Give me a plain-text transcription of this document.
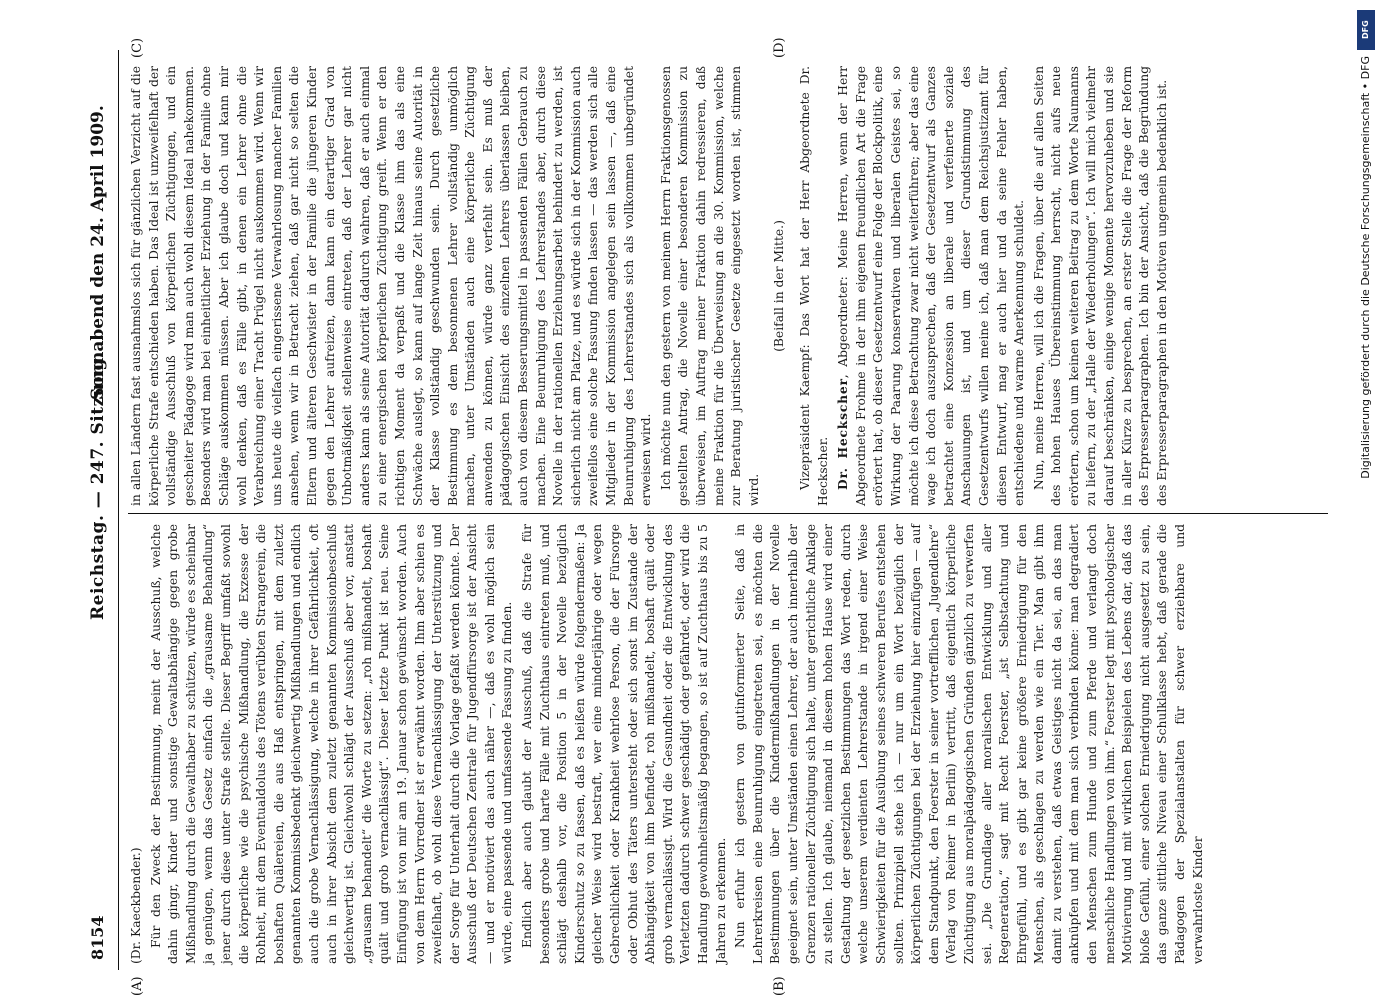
8154
Reichstag. — 247. Sitzung.
Sonnabend den 24. April 1909.
(A)	(B)
(C)	(D)

(Dr. Kaeckbender.) Für den Zweck der Bestimmung, meint der Ausschuß, welche dahin gingr, Kinder und sonstige Gewaltabhängige gegen grobe Mißhandlung durch die Gewalthaber zu schützen, würde es scheinbar ja genügen, wenn das Gesetz einfach die „grausame Behandlung“ jener durch diese unter Strafe stellte. Dieser Begriff umfaßt sowohl die körperliche wie die psychische Mißhandlung, die Exzesse der Rohheit, mit dem Eventualdolus des Tötens verübten Strangerein, die boshaften Quälereien, die aus Haß entspringen, mit dem zuletzt genannten Kommissbedenkt gleichwertig Mißhandlungen und endlich auch die grobe Vernachlässigung, welche in ihrer Gefährlichkeit, oft auch in ihrer Absicht dem zuletzt genannten Kommissionbeschluß gleichwertig ist. Gleichwohl schlägt der Ausschuß aber vor, anstatt „grausam behandelt“ die Worte zu setzen: „roh mißhandelt, boshaft quält und grob vernachlässigt“. Dieser letzte Punkt ist neu. Seine Einfügung ist von mir am 19. Januar schon gewünscht worden. Auch von dem Herrn Vorredner ist er erwähnt worden. Ihm aber schien es zweifelhaft, ob wohl diese Vernachlässigung der Unterstützung und der Sorge für Unterhalt durch die Vorlage gefaßt werden könnte. Der Ausschuß der Deutschen Zentrale für Jugendfürsorge ist der Ansicht — und er motiviert das auch näher —, daß es wohl möglich sein würde, eine passende und umfassende Fassung zu finden. Endlich aber auch glaubt der Ausschuß, daß die Strafe für besonders grobe und harte Fälle mit Zuchthaus eintreten muß, und schlägt deshalb vor, die Position 5 in der Novelle bezüglich Kinderschutz so zu fassen, daß es heißen würde folgendermaßen: Ja gleicher Weise wird bestraft, wer eine minderjährige oder wegen Gebrechlichkeit oder Krankheit wehrlose Person, die der Fürsorge oder Obhut des Täters untersteht oder sich sonst im Zustande der Abhängigkeit von ihm befindet, roh mißhandelt, boshaft quält oder grob vernachlässigt. Wird die Gesundheit oder die Entwicklung des Verletzten dadurch schwer geschädigt oder gefährdet, oder wird die Handlung gewohnheitsmäßig begangen, so ist auf Zuchthaus bis zu 5 Jahren zu erkennen. Nun erfuhr ich gestern von gutinformierter Seite, daß in Lehrerkreisen eine Beunruhigung eingetreten sei, es möchten die Bestimmungen über die Kindermißhandlungen in der Novelle geeignet sein, unter Umständen einen Lehrer, der auch innerhalb der Grenzen rationeller Züchtigung sich halte, unter gerichtliche Anklage zu stellen. Ich glaube, niemand in diesem hohen Hause wird einer Gestaltung der gesetzlichen Bestimmungen das Wort reden, durch welche unserem verdienten Lehrerstande in irgend einer Weise Schwierigkeiten für die Ausübung seines schweren Berufes entstehen sollten. Prinzipiell stehe ich — nur um ein Wort bezüglich der körperlichen Züchtigungen bei der Erziehung hier einzufügen — auf dem Standpunkt, den Foerster in seiner vortrefflichen „Jugendlehre“ (Verlag von Reimer in Berlin) vertritt, daß eigentlich körperliche Züchtigung aus moralpädagogischen Gründen gänzlich zu verwerfen sei. „Die Grundlage aller moralischen Entwicklung und aller Regeneration,“ sagt mit Recht Foerster, „ist Selbstachtung und Ehrgefühl, und es gibt gar keine größere Erniedrigung für den Menschen, als geschlagen zu werden wie ein Tier. Man gibt ihm damit zu verstehen, daß etwas Geistiges nicht da sei, an das man anknüpfen und mit dem man sich verbinden könne: man degradiert den Menschen zum Hunde und zum Pferde und verlangt doch menschliche Handlungen von ihm.“ Foerster legt mit psychologischer Motivierung und mit wirklichen Beispielen des Lebens dar, daß das bloße Gefühl, einer solchen Erniedrigung nicht ausgesetzt zu sein, das ganze sittliche Niveau einer Schulklasse hebt, daß gerade die Pädagogen der Spezialanstalten für schwer erziehbare und verwahrloste Kinder

in allen Ländern fast ausnahmslos sich für gänzlichen Verzicht auf die körperliche Strafe entschieden haben. Das Ideal ist unzweifelhaft der vollständige Ausschluß von körperlichen Züchtigungen, und ein gescheiter Pädagoge wird man auch wohl diesem Ideal nahekommen. Besonders wird man bei einheitlicher Erziehung in der Familie ohne Schläge auskommen müssen. Aber ich glaube doch und kann mir wohl denken, daß es Fälle gibt, in denen ein Lehrer ohne die Verabreichung einer Tracht Prügel nicht auskommen wird. Wenn wir uns heute die vielfach eingerissene Verwahrlosung mancher Familien ansehen, wenn wir in Betracht ziehen, daß gar nicht so selten die Eltern und älteren Geschwister in der Familie die jüngeren Kinder gegen den Lehrer aufreizen, dann kann ein derartiger Grad von Unbotmäßigkeit stellenweise eintreten, daß der Lehrer gar nicht anders kann als seine Autorität dadurch wahren, daß er auch einmal zu einer energischen körperlichen Züchtigung greift. Wenn er den richtigen Moment da verpaßt und die Klasse ihm das als eine Schwäche auslegt, so kann auf lange Zeit hinaus seine Autorität in der Klasse vollständig geschwunden sein. Durch gesetzliche Bestimmung es dem besonnenen Lehrer vollständig unmöglich machen, unter Umständen auch eine körperliche Züchtigung anwenden zu können, würde ganz verfehlt sein. Es muß der pädagogischen Einsicht des einzelnen Lehrers überlassen bleiben, auch von diesem Besserungsmittel in passenden Fällen Gebrauch zu machen. Eine Beunruhigung des Lehrerstandes aber, durch diese Novelle in der rationellen Erziehungsarbeit behindert zu werden, ist sicherlich nicht am Platze, und es würde sich in der Kommission auch zweifellos eine solche Fassung finden lassen — das werden sich alle Mitglieder in der Kommission angelegen sein lassen —, daß eine Beunruhigung des Lehrerstandes sich als vollkommen unbegründet erweisen wird. Ich möchte nun den gestern von meinem Herrn Fraktionsgenossen gestellten Antrag, die Novelle einer besonderen Kommission zu überweisen, im Auftrag meiner Fraktion dahin redressieren, daß meine Fraktion für die Überweisung an die 30. Kommission, welche zur Beratung juristischer Gesetze eingesetzt worden ist, stimmen wird.

(Beifall in der Mitte.) Vizepräsident Kaempf: Das Wort hat der Herr Abgeordnete Dr. Heckscher. Dr. Heckscher, Abgeordneter: Meine Herren, wenn der Herr Abgeordnete Frohme in der ihm eigenen freundlichen Art die Frage erörtert hat, ob dieser Gesetzentwurf eine Folge der Blockpolitik, eine Wirkung der Paarung konservativen und liberalen Geistes sei, so möchte ich diese Betrachtung zwar nicht weiterführen; aber das eine wage ich doch auszusprechen, daß der Gesetzentwurf als Ganzes betrachtet eine Konzession an liberale und verfeinerte soziale Anschauungen ist, und um dieser Grundstimmung des Gesetzentwurfs willen meine ich, daß man dem Reichsjustizamt für diesen Entwurf, mag er auch hier und da seine Fehler haben, entschiedene und warme Anerkennung schuldet. Nun, meine Herren, will ich die Fragen, über die auf allen Seiten des hohen Hauses Übereinstimmung herrscht, nicht aufs neue erörtern, schon um keinen weiteren Beitrag zu dem Worte Naumanns zu liefern, zu der „Halle der Wiederholungen“. Ich will mich vielmehr darauf beschränken, einige wenige Momente hervorzuheben und sie in aller Kürze zu besprechen, an erster Stelle die Frage der Reform des Erpresserparagraphen. Ich bin der Ansicht, daß die Begründung des Erpresserparagraphen in den Motiven ungemein bedenklich ist.

DFG
Digitalisierung gefördert durch die Deutsche Forschungsgemeinschaft • DFG
